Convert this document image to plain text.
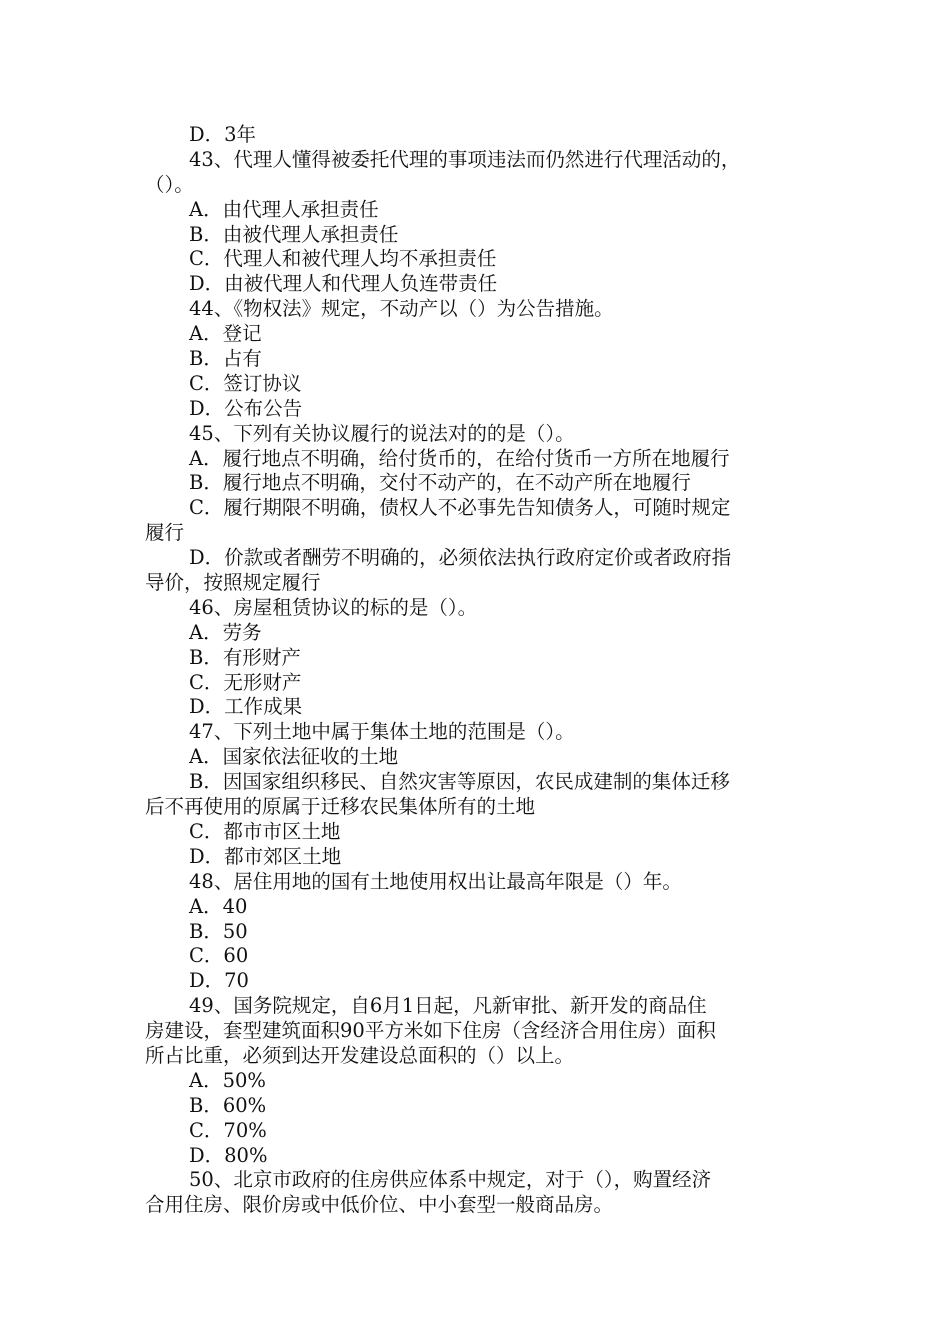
D．3年
43、代理人懂得被委托代理的事项违法而仍然进行代理活动的，
（）。
A．由代理人承担责任
B．由被代理人承担责任
C．代理人和被代理人均不承担责任
D．由被代理人和代理人负连带责任
44、《物权法》规定，不动产以（）为公告措施。
A．登记
B．占有
C．签订协议
D．公布公告
45、下列有关协议履行的说法对的的是（）。
A．履行地点不明确，给付货币的，在给付货币一方所在地履行
B．履行地点不明确，交付不动产的，在不动产所在地履行
C．履行期限不明确，债权人不必事先告知债务人，可随时规定
履行
D．价款或者酬劳不明确的，必须依法执行政府定价或者政府指
导价，按照规定履行
46、房屋租赁协议的标的是（）。
A．劳务
B．有形财产
C．无形财产
D．工作成果
47、下列土地中属于集体土地的范围是（）。
A．国家依法征收的土地
B．因国家组织移民、自然灾害等原因，农民成建制的集体迁移
后不再使用的原属于迁移农民集体所有的土地
C．都市市区土地
D．都市郊区土地
48、居住用地的国有土地使用权出让最高年限是（）年。
A．40
B．50
C．60
D．70
49、国务院规定，自6月1日起，凡新审批、新开发的商品住
房建设，套型建筑面积90平方米如下住房（含经济合用住房）面积
所占比重，必须到达开发建设总面积的（）以上。
A．50%
B．60%
C．70%
D．80%
50、北京市政府的住房供应体系中规定，对于（），购置经济
合用住房、限价房或中低价位、中小套型一般商品房。
